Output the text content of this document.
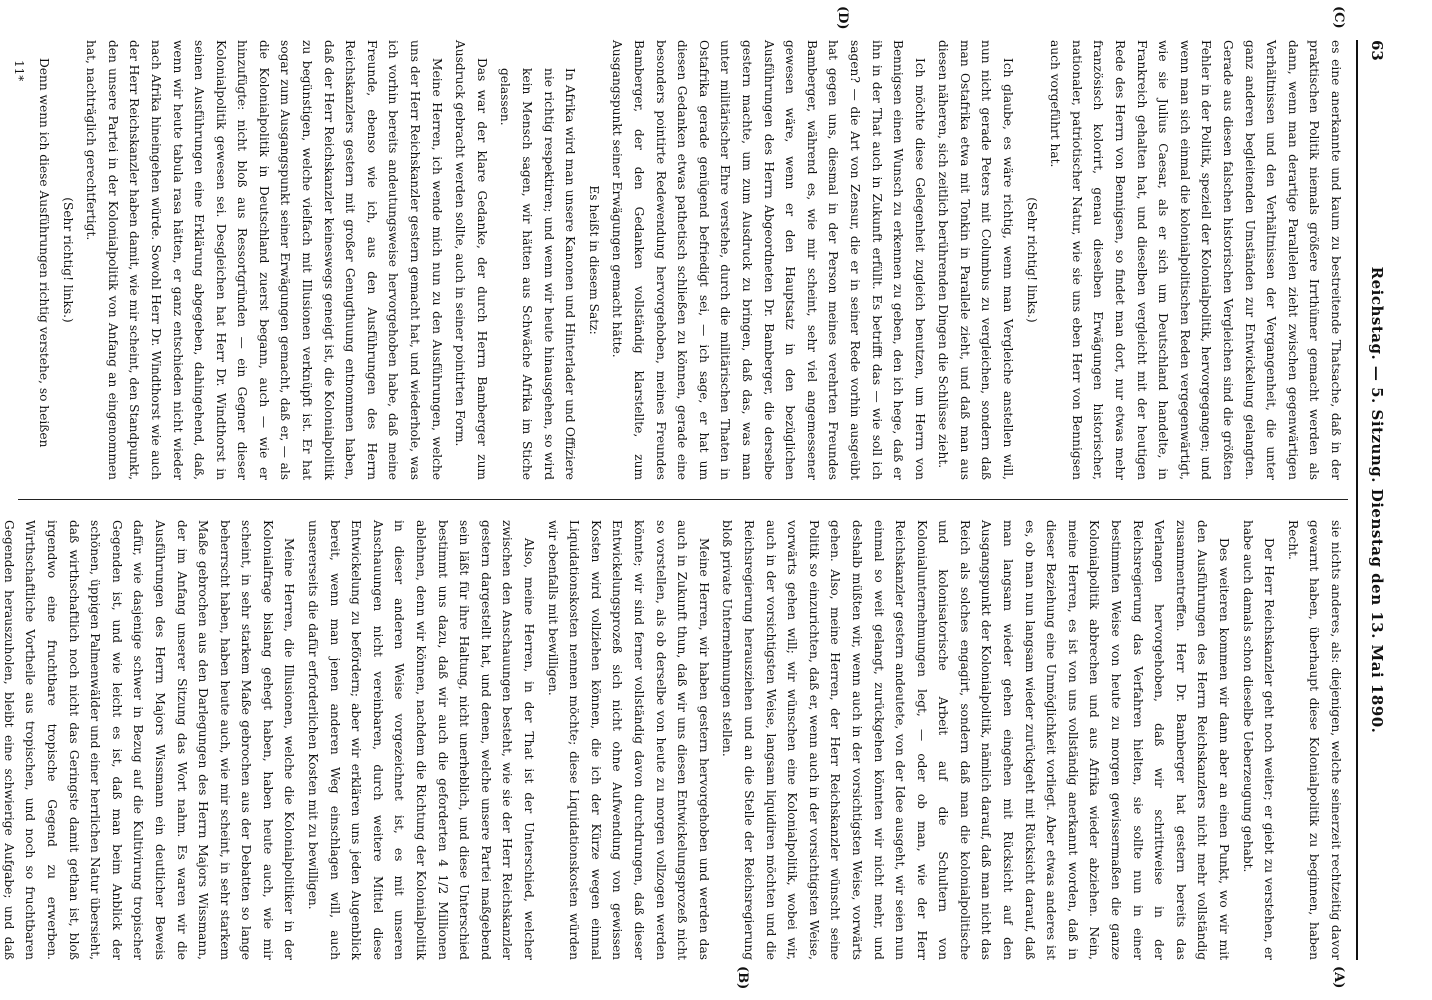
63
Reichstag. — 5. Sitzung. Dienstag den 13. Mai 1890.
(A)
(B)
(C)
(D)

es eine anerkannte und kaum zu bestreitende Thatsache, daß in der praktischen Politik niemals größere Irrthümer gemacht werden als dann, wenn man derartige Parallelen zieht zwischen gegenwärtigen Verhältnissen und den Verhältnissen der Vergangenheit, die unter ganz anderen begleitenden Umständen zur Entwickelung gelangten. Gerade aus diesen falschen historischen Vergleichen sind die größten Fehler in der Politik, speziell der Kolonialpolitik, hervorgegangen; und wenn man sich einmal die kolonialpolitischen Reden vergegenwärtigt, wie sie Julius Caesar, als er sich um Deutschland handelte, in Frankreich gehalten hat, und dieselben vergleicht mit der heutigen Rede des Herrn von Bennigsen, so findet man dort, nur etwas mehr französisch kolorirt, genau dieselben Erwägungen historischer, nationaler, patriotischer Natur, wie sie uns eben Herr von Bennigsen auch vorgeführt hat.

(Sehr richtig! links.)

Ich glaube, es wäre richtig, wenn man Vergleiche anstellen will, nun nicht gerade Peters mit Columbus zu vergleichen, sondern daß man Ostafrika etwa mit Tonkin in Parallele zieht, und daß man aus diesen näheren, sich zeitlich berührenden Dingen die Schlüsse zieht.

Ich möchte diese Gelegenheit zugleich benutzen, um Herrn von Bennigsen einen Wunsch zu erkennen zu geben, den ich hege, daß er ihn in der That auch in Zukunft erfüllt. Es betrifft das — wie soll ich sagen? — die Art von Zensur, die er in seiner Rede vorhin ausgeübt hat gegen uns, diesmal in der Person meines verehrten Freundes Bamberger, während es, wie mir scheint, sehr viel angemessener gewesen wäre, wenn er den Hauptsatz in den bezüglichen Ausführungen des Herrn Abgeordneten Dr. Bamberger, die derselbe gestern machte, um zum Ausdruck zu bringen, daß das, was man unter militärischer Ehre verstehe, durch die militärischen Thaten in Ostafrika gerade genügend befriedigt sei, — ich sage, er hat um diesen Gedanken etwas pathetisch schließen zu können, gerade eine besonders pointirte Redewendung hervorgehoben, meines Freundes Bamberger, der den Gedanken vollständig klarstellte, zum Ausgangspunkt seiner Erwägungen gemacht hätte.

Es heißt in diesem Satz:

In Afrika wird man unsere Kanonen und Hinterlader und Offiziere nie richtig respektiren; und wenn wir heute hinausgehen, so wird kein Mensch sagen, wir hätten aus Schwäche Afrika im Stiche gelassen.

Das war der klare Gedanke, der durch Herrn Bamberger zum Ausdruck gebracht werden sollte, auch in seiner pointirten Form.

Meine Herren, ich wende mich nun zu den Ausführungen, welche uns der Herr Reichskanzler gestern gemacht hat, und wiederhole, was ich vorhin bereits andeutungsweise hervorgehoben habe, daß meine Freunde, ebenso wie ich, aus den Ausführungen des Herrn Reichskanzlers gestern mit großer Genugthuung entnommen haben, daß der Herr Reichskanzler keineswegs geneigt ist, die Kolonialpolitik zu begünstigen, welche vielfach mit Illusionen verknüpft ist. Er hat sogar zum Ausgangspunkt seiner Erwägungen gemacht, daß er, — als die Kolonialpolitik in Deutschland zuerst begann, auch — wie er hinzufügte: nicht bloß aus Ressortgründen — ein Gegner dieser Kolonialpolitik gewesen sei. Desgleichen hat Herr Dr. Windthorst in seinen Ausführungen eine Erklärung abgegeben, dahingehend, daß, wenn wir heute tabula rasa hätten, er ganz entschieden nicht wieder nach Afrika hineingehen würde. Sowohl Herr Dr. Windthorst wie auch der Herr Reichskanzler haben damit, wie mir scheint, den Standpunkt, den unsere Partei in der Kolonialpolitik von Anfang an eingenommen hat, nachträglich gerechtfertigt.

(Sehr richtig! links.)

Denn wenn ich diese Ausführungen richtig verstehe, so heißen

sie nichts anderes, als: diejenigen, welche seinerzeit rechtzeitig davor gewarnt haben, überhaupt diese Kolonialpolitik zu beginnen, haben Recht.

Der Herr Reichskanzler geht noch weiter; er giebt zu verstehen, er habe auch damals schon dieselbe Ueberzeugung gehabt.

Des weiteren kommen wir dann aber an einen Punkt, wo wir mit den Ausführungen des Herrn Reichskanzlers nicht mehr vollständig zusammentreffen. Herr Dr. Bamberger hat gestern bereits das Verlangen hervorgehoben, daß wir schrittweise in der Reichsregierung das Verfahren hielten, sie sollte nun in einer bestimmten Weise von heute zu morgen gewissermaßen die ganze Kolonialpolitik abbrechen und aus Afrika wieder abziehen. Nein, meine Herren, es ist von uns vollständig anerkannt worden, daß in dieser Beziehung eine Unmöglichkeit vorliegt. Aber etwas anderes ist es, ob man nun langsam wieder zurückgeht mit Rücksicht darauf, daß man langsam wieder gehen eingehen mit Rücksicht auf den Ausgangspunkt der Kolonialpolitik, nämlich darauf, daß man nicht das Reich als solches engagirt, sondern daß man die kolonialpolitische und kolonisatorische Arbeit auf die Schultern von Kolonialunternehmungen legt, — oder ob man, wie der Herr Reichskanzler gestern andeutete, von der Idee ausgeht, wir seien nun einmal so weit gelangt, zurückgehen könnten wir nicht mehr, und deshalb müßten wir, wenn auch in der vorsichtigsten Weise, vorwärts gehen. Also, meine Herren, der Herr Reichskanzler wünscht seine Politik so einzurichten, daß er, wenn auch in der vorsichtigsten Weise, vorwärts gehen will; wir wünschen eine Kolonialpolitik, wobei wir, auch in der vorsichtigsten Weise, langsam liquidiren möchten und die Reichsregierung herausziehen und an die Stelle der Reichsregierung bloß private Unternehmungen stellen.

Meine Herren, wir haben gestern hervorgehoben und werden das auch in Zukunft thun, daß wir uns diesen Entwickelungsprozeß nicht so vorstellen, als ob derselbe von heute zu morgen vollzogen werden könnte; wir sind ferner vollständig davon durchdrungen, daß dieser Entwickelungsprozeß sich nicht ohne Aufwendung von gewissen Kosten wird vollziehen können, die ich der Kürze wegen einmal Liquidationskosten nennen möchte; diese Liquidationskosten würden wir ebenfalls mit bewilligen.

Also, meine Herren, in der That ist der Unterschied, welcher zwischen den Anschauungen besteht, wie sie der Herr Reichskanzler gestern dargestellt hat, und denen, welche unsere Partei maßgebend sein läßt für ihre Haltung, nicht unerheblich, und diese Unterschied bestimmt uns dazu, daß wir auch die geforderten 4 1/2 Millionen ablehnen, denn wir können, nachdem die Richtung der Kolonialpolitik in dieser anderen Weise vorgezeichnet ist, es mit unseren Anschauungen nicht vereinbaren, durch weitere Mittel diese Entwickelung zu befördern; aber wir erklären uns jeden Augenblick bereit, wenn man jenen anderen Weg einschlagen will, auch unsererseits die dafür erforderlichen Kosten mit zu bewilligen.

Meine Herren, die Illusionen, welche die Kolonialpolitiker in der Kolonialfrage bislang gehegt haben, haben heute auch, wie mir scheint, in sehr starkem Maße gebrochen aus der Debatten so lange beherrscht haben, haben heute auch, wie mir scheint, in sehr starkem Maße gebrochen aus den Darlegungen des Herrn Majors Wissmann, der im Anfang unserer Sitzung das Wort nahm. Es waren wir die Ausführungen des Herrn Majors Wissmann ein deutlicher Beweis dafür, wie dasjenige schwer in Bezug auf die Kultivirung tropischer Gegenden ist, und wie leicht es ist, daß man beim Anblick der schönen, üppigen Palmenwälder und einer herrlichen Natur übersieht, daß wirthschaftlich noch nicht das Geringste damit gethan ist, bloß irgendwo eine fruchtbare tropische Gegend zu erwerben. Wirthschaftliche Vortheile aus tropischen, und noch so fruchtbaren Gegenden herauszuholen, bleibt eine schwierige Aufgabe; und daß

11*
